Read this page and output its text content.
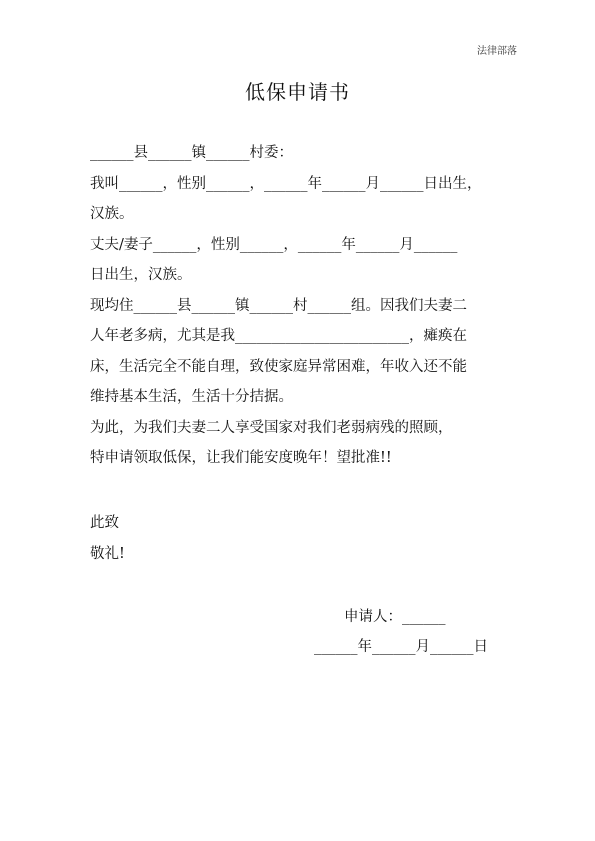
法律部落
低保申请书
______县______镇______村委：
我叫______，性别______，______年______月______日出生，
汉族。
丈夫/妻子______，性别______，______年______月______
日出生，汉族。
现均住______县______镇______村______组。因我们夫妻二
人年老多病，尤其是我________________________，瘫痪在
床，生活完全不能自理，致使家庭异常困难，年收入还不能
维持基本生活，生活十分拮据。
为此，为我们夫妻二人享受国家对我们老弱病残的照顾，
特申请领取低保，让我们能安度晚年！望批准!!
此致
敬礼!
申请人：______
______年______月______日
